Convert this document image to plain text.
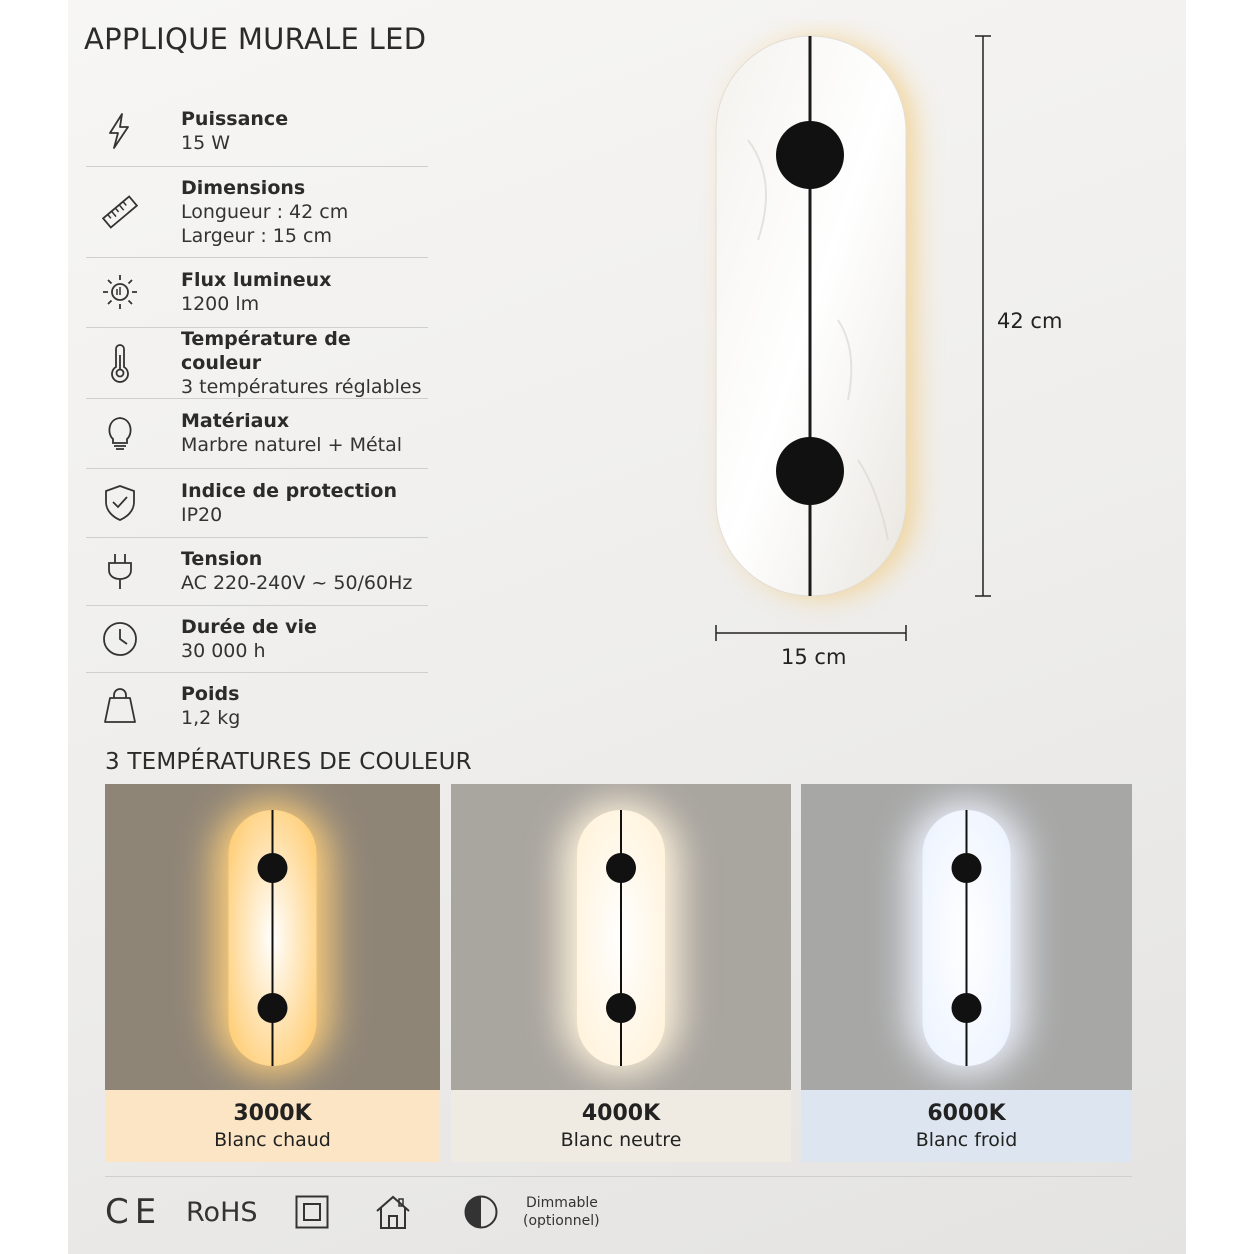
APPLIQUE MURALE LED
Puissance
15 W
Dimensions
Longueur : 42 cm
Largeur : 15 cm
Flux lumineux
1200 lm
Température de couleur
3 températures réglables
Matériaux
Marbre naturel + Métal
Indice de protection
IP20
Tension
AC 220-240V ~ 50/60Hz
Durée de vie
30 000 h
Poids
1,2 kg
42 cm
15 cm
3 TEMPÉRATURES DE COULEUR
3000K
Blanc chaud
4000K
Blanc neutre
6000K
Blanc froid
CE RoHS	Dimmable
(optionnel)
